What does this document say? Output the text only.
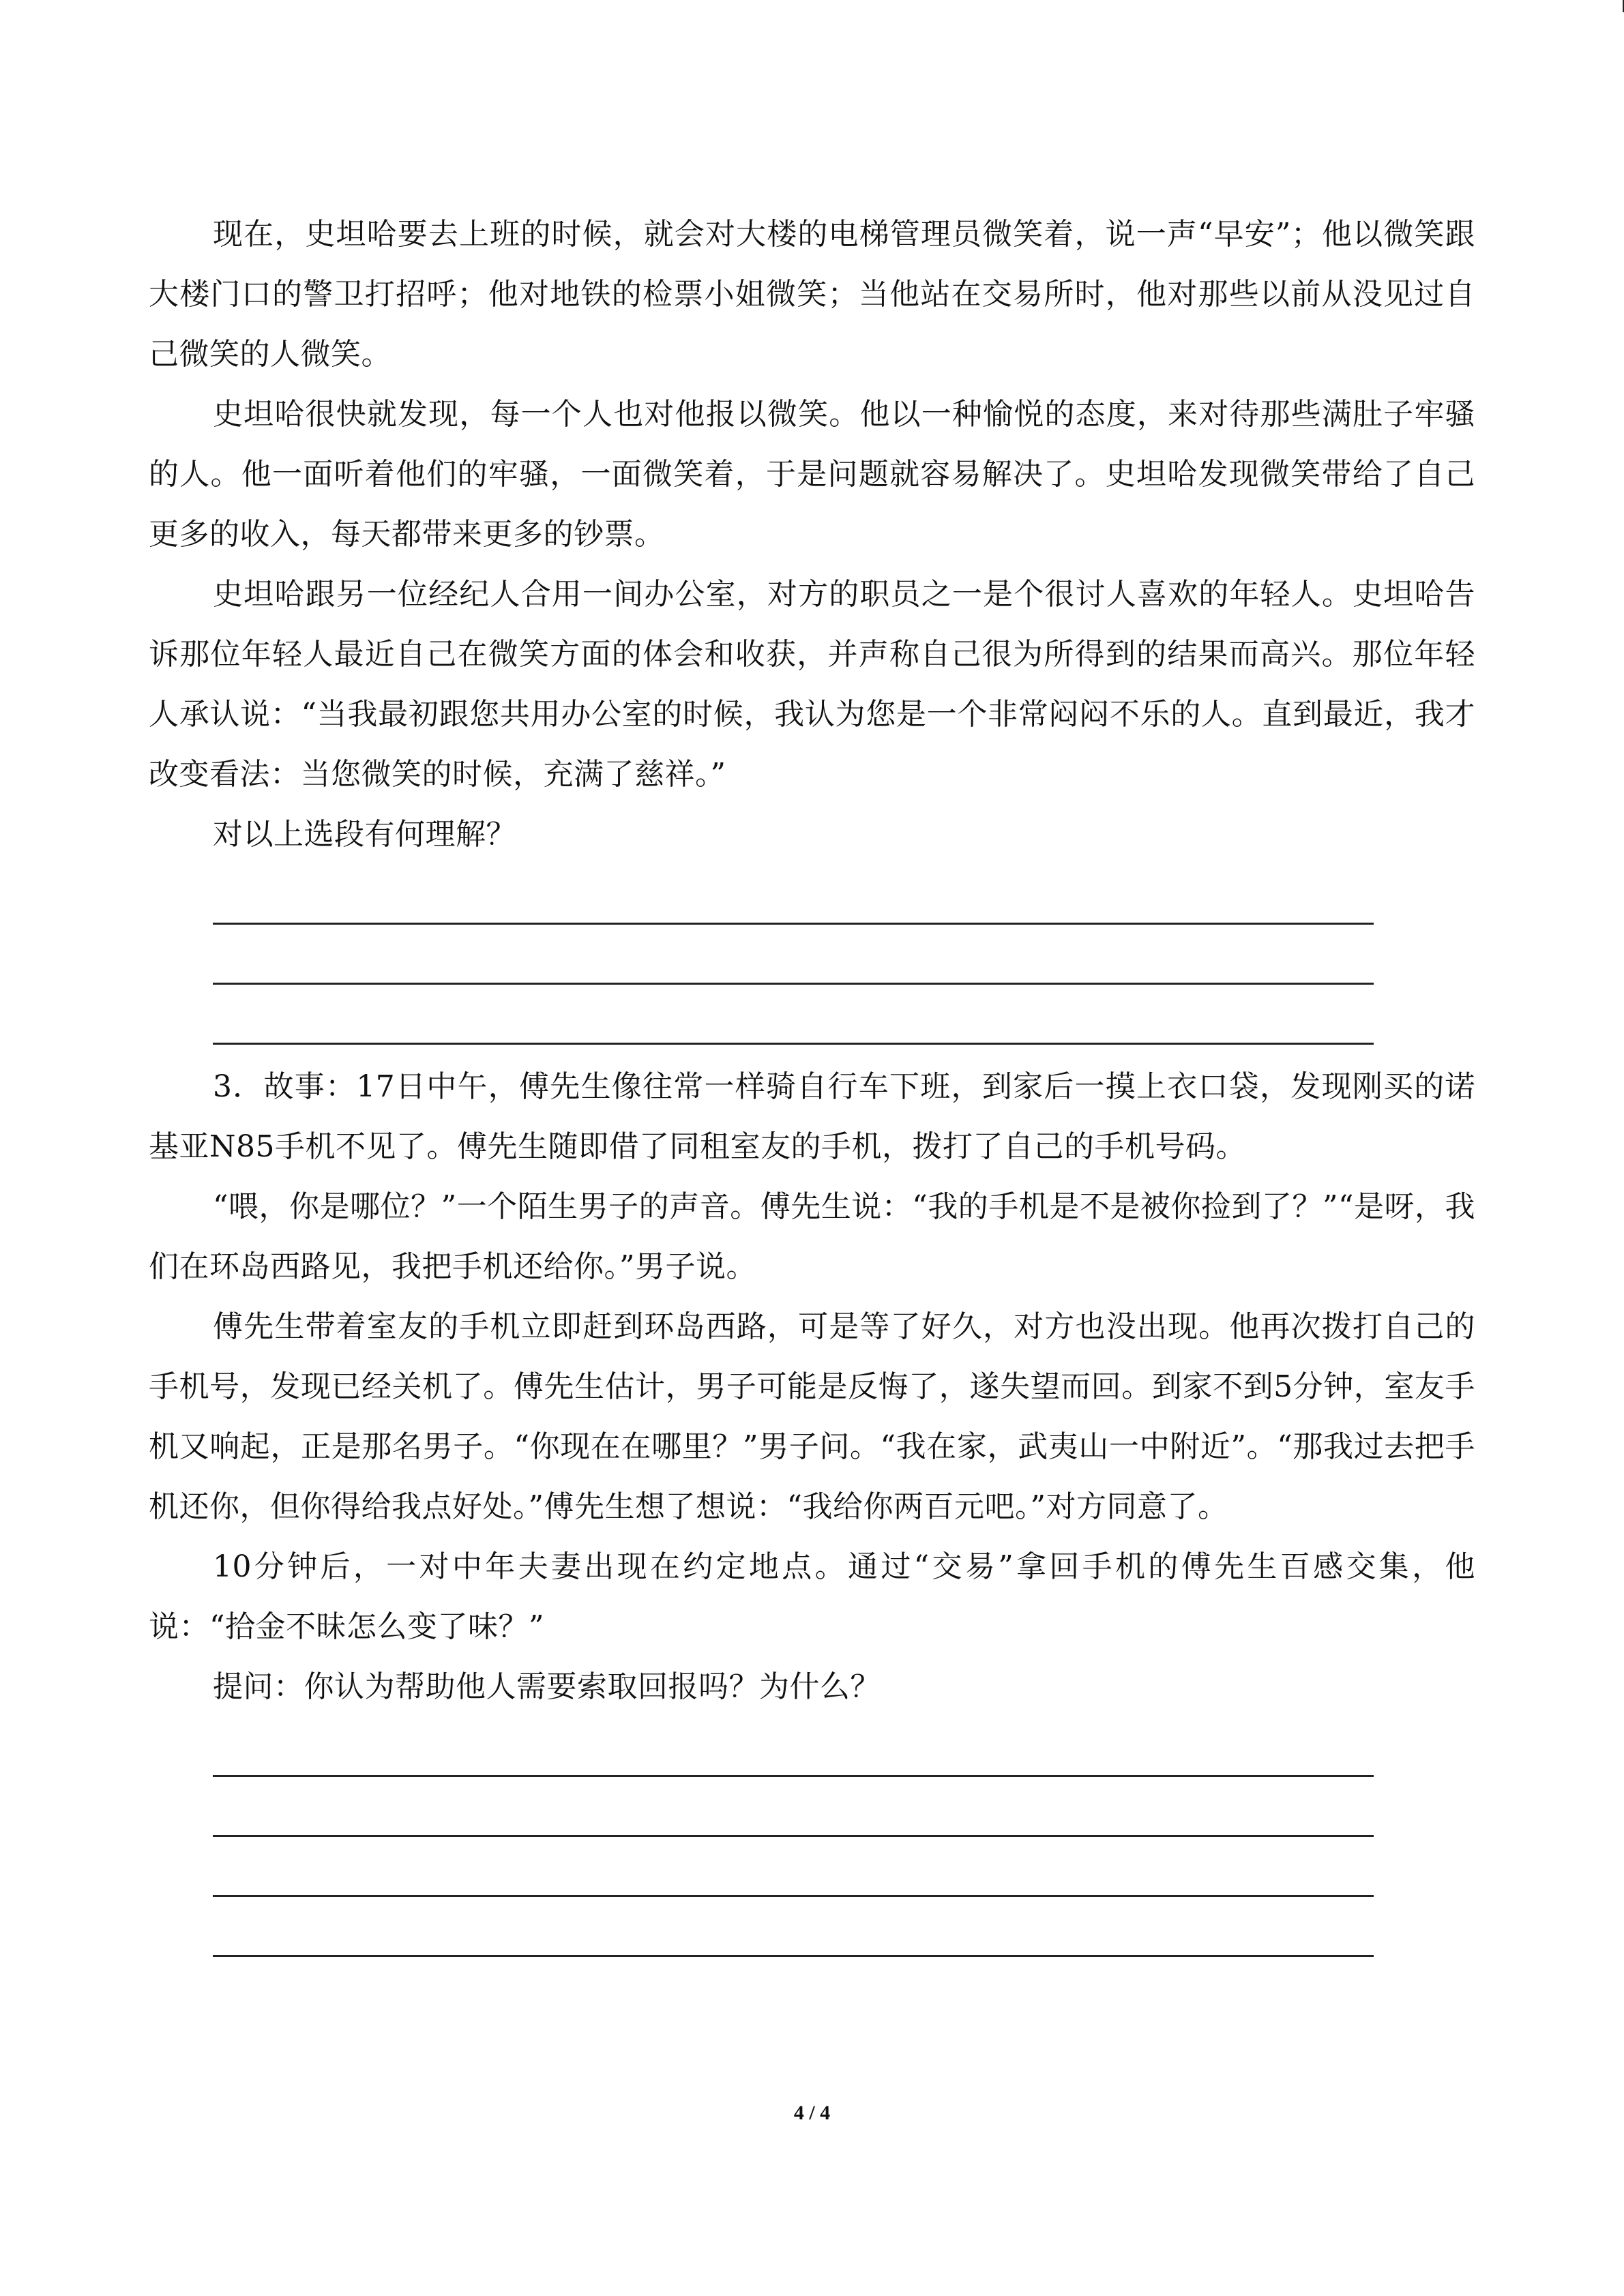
现在，史坦哈要去上班的时候，就会对大楼的电梯管理员微笑着，说一声“早安”；他以微笑跟大楼门口的警卫打招呼；他对地铁的检票小姐微笑；当他站在交易所时，他对那些以前从没见过自己微笑的人微笑。

史坦哈很快就发现，每一个人也对他报以微笑。他以一种愉悦的态度，来对待那些满肚子牢骚的人。他一面听着他们的牢骚，一面微笑着，于是问题就容易解决了。史坦哈发现微笑带给了自己更多的收入，每天都带来更多的钞票。

史坦哈跟另一位经纪人合用一间办公室，对方的职员之一是个很讨人喜欢的年轻人。史坦哈告诉那位年轻人最近自己在微笑方面的体会和收获，并声称自己很为所得到的结果而高兴。那位年轻人承认说：“当我最初跟您共用办公室的时候，我认为您是一个非常闷闷不乐的人。直到最近，我才改变看法：当您微笑的时候，充满了慈祥。”

对以上选段有何理解？

3．故事：17日中午，傅先生像往常一样骑自行车下班，到家后一摸上衣口袋，发现刚买的诺基亚N85手机不见了。傅先生随即借了同租室友的手机，拨打了自己的手机号码。

“喂，你是哪位？”一个陌生男子的声音。傅先生说：“我的手机是不是被你捡到了？”“是呀，我们在环岛西路见，我把手机还给你。”男子说。

傅先生带着室友的手机立即赶到环岛西路，可是等了好久，对方也没出现。他再次拨打自己的手机号，发现已经关机了。傅先生估计，男子可能是反悔了，遂失望而回。到家不到5分钟，室友手机又响起，正是那名男子。“你现在在哪里？”男子问。“我在家，武夷山一中附近”。“那我过去把手机还你，但你得给我点好处。”傅先生想了想说：“我给你两百元吧。”对方同意了。

10分钟后，一对中年夫妻出现在约定地点。通过“交易”拿回手机的傅先生百感交集，他说：“拾金不昧怎么变了味？”

提问：你认为帮助他人需要索取回报吗？为什么？

4 / 4
